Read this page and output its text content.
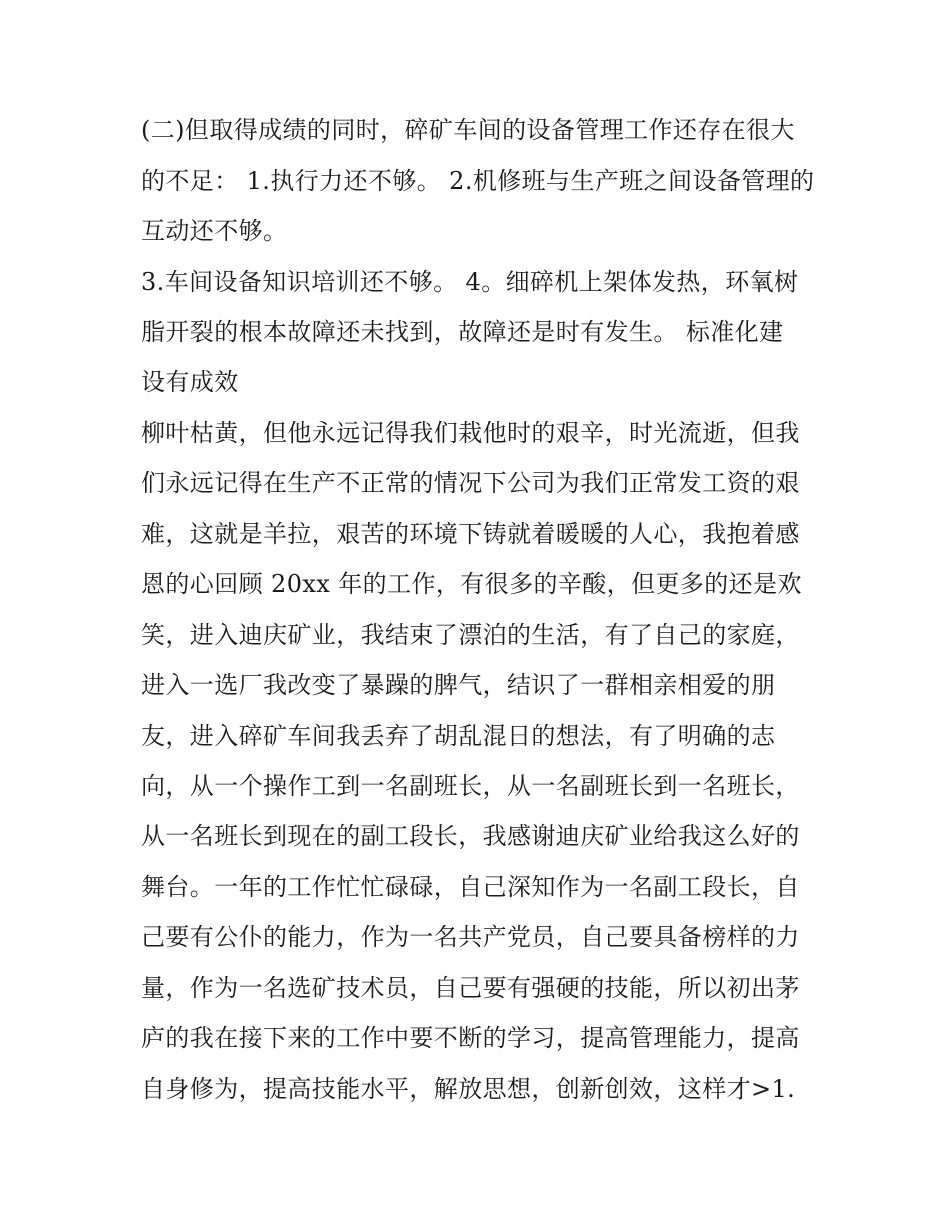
(二)但取得成绩的同时，碎矿车间的设备管理工作还存在很大
的不足： 1.执行力还不够。 2.机修班与生产班之间设备管理的
互动还不够。
3.车间设备知识培训还不够。 4。细碎机上架体发热，环氧树
脂开裂的根本故障还未找到，故障还是时有发生。 标准化建
设有成效
柳叶枯黄，但他永远记得我们栽他时的艰辛，时光流逝，但我
们永远记得在生产不正常的情况下公司为我们正常发工资的艰
难，这就是羊拉，艰苦的环境下铸就着暖暖的人心，我抱着感
恩的心回顾 20xx 年的工作，有很多的辛酸，但更多的还是欢
笑，进入迪庆矿业，我结束了漂泊的生活，有了自己的家庭，
进入一选厂我改变了暴躁的脾气，结识了一群相亲相爱的朋
友，进入碎矿车间我丢弃了胡乱混日的想法，有了明确的志
向，从一个操作工到一名副班长，从一名副班长到一名班长，
从一名班长到现在的副工段长，我感谢迪庆矿业给我这么好的
舞台。一年的工作忙忙碌碌，自己深知作为一名副工段长，自
己要有公仆的能力，作为一名共产党员，自己要具备榜样的力
量，作为一名选矿技术员，自己要有强硬的技能，所以初出茅
庐的我在接下来的工作中要不断的学习，提高管理能力，提高
自身修为，提高技能水平，解放思想，创新创效，这样才>1.
